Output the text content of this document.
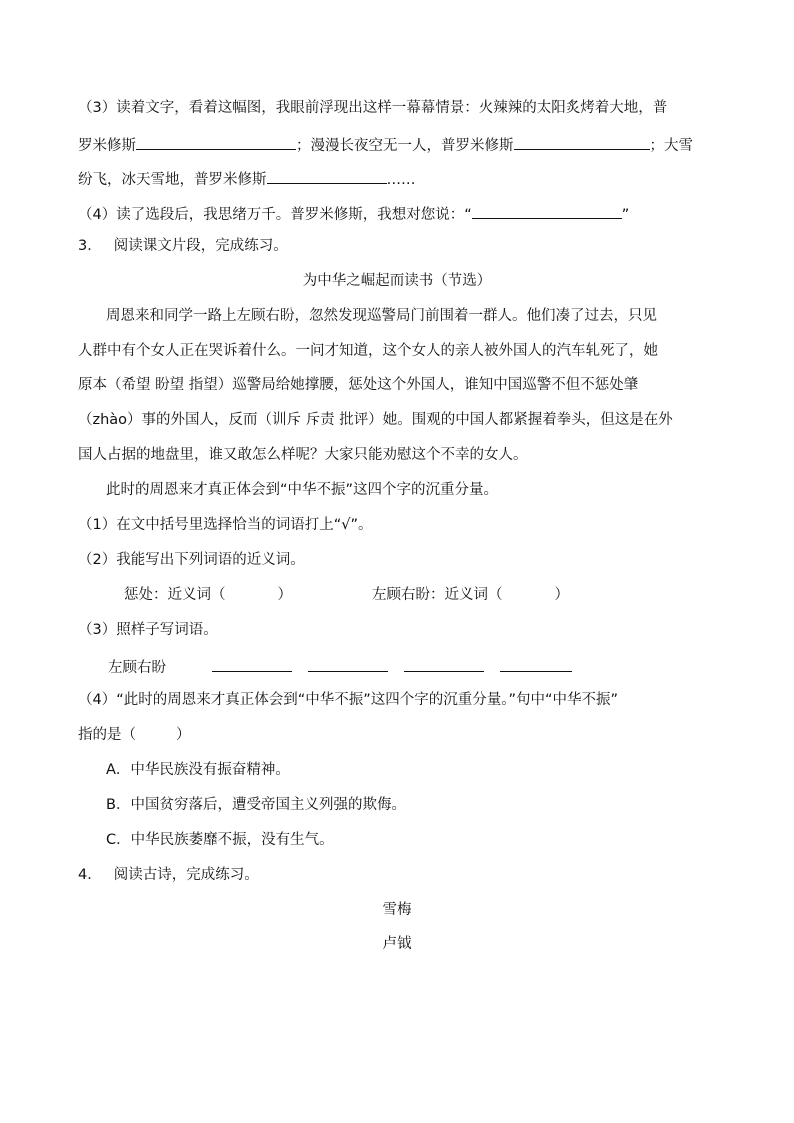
（3）读着文字，看着这幅图，我眼前浮现出这样一幕幕情景：火辣辣的太阳炙烤着大地，普
罗米修斯	；漫漫长夜空无一人，普罗米修斯	；大雪
纷飞，冰天雪地，普罗米修斯	……
（4）读了选段后，我思绪万千。普罗米修斯，我想对您说：“	”
3． 阅读课文片段，完成练习。
为中华之崛起而读书（节选）
周恩来和同学一路上左顾右盼，忽然发现巡警局门前围着一群人。他们凑了过去，只见
人群中有个女人正在哭诉着什么。一问才知道，这个女人的亲人被外国人的汽车轧死了，她
原本（希望 盼望 指望）巡警局给她撑腰，惩处这个外国人，谁知中国巡警不但不惩处肇
（zhào）事的外国人，反而（训斥 斥责 批评）她。围观的中国人都紧握着拳头，但这是在外
国人占据的地盘里，谁又敢怎么样呢？大家只能劝慰这个不幸的女人。
此时的周恩来才真正体会到“中华不振”这四个字的沉重分量。
（1）在文中括号里选择恰当的词语打上“√”。
（2）我能写出下列词语的近义词。
惩处：近义词（	）	左顾右盼：近义词（	）
（3）照样子写词语。
左顾右盼
（4）“此时的周恩来才真正体会到“中华不振”这四个字的沉重分量。”句中“中华不振”
指的是（	）
A．中华民族没有振奋精神。
B．中国贫穷落后，遭受帝国主义列强的欺侮。
C．中华民族萎靡不振，没有生气。
4． 阅读古诗，完成练习。
雪梅
卢钺
